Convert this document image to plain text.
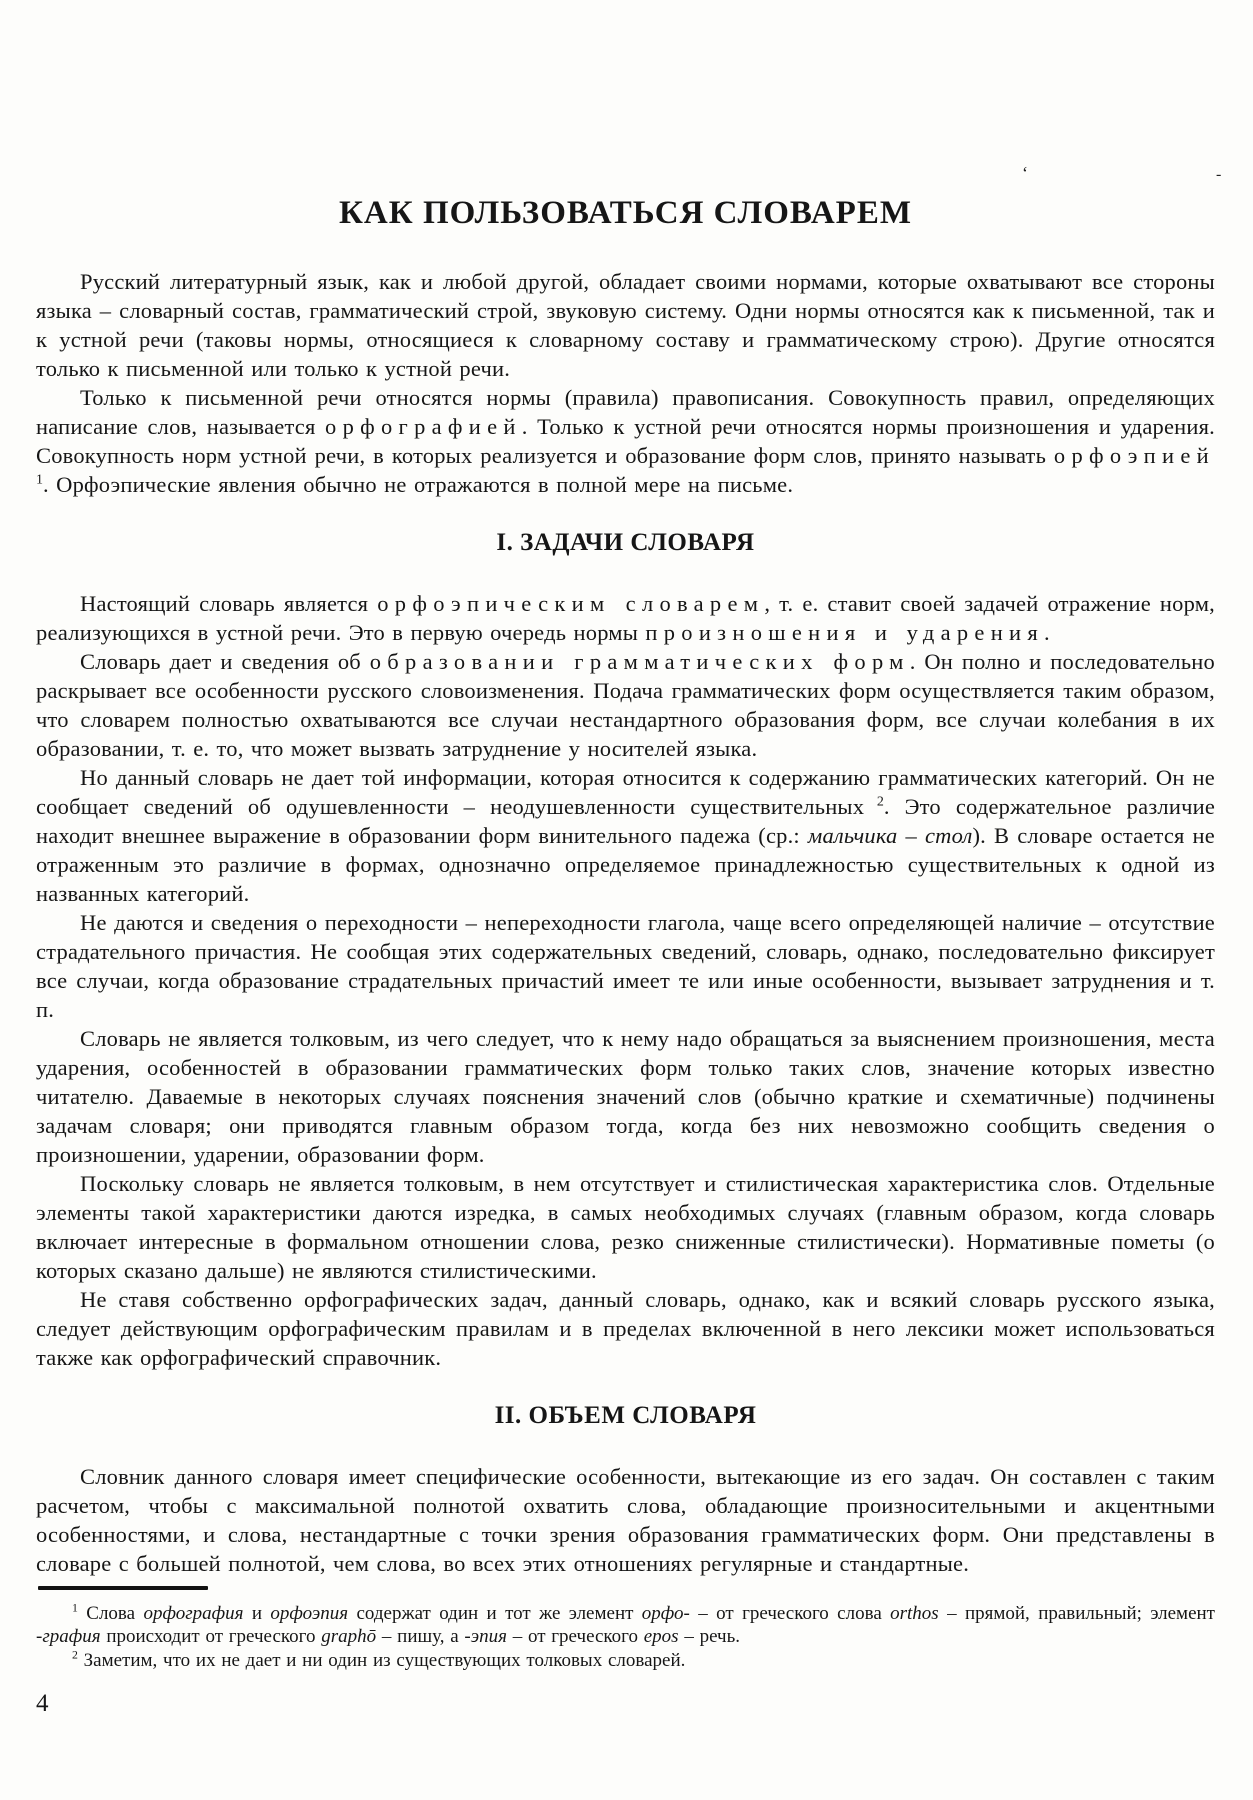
‘	-
КАК ПОЛЬЗОВАТЬСЯ СЛОВАРЕМ

Русский литературный язык, как и любой другой, обладает своими нормами, которые охватывают все стороны языка – словарный состав, грамматический строй, звуковую систему. Одни нормы относятся как к письменной, так и к устной речи (таковы нормы, относящиеся к словарному составу и грамматическому строю). Другие относятся только к письменной или только к устной речи.

Только к письменной речи относятся нормы (правила) правописания. Совокупность правил, определяющих написание слов, называется орфографией. Только к устной речи относятся нормы произношения и ударения. Совокупность норм устной речи, в которых реализуется и образование форм слов, принято называть орфоэпией $^1$. Орфоэпические явления обычно не отражаются в полной мере на письме.

I. ЗАДАЧИ СЛОВАРЯ

Настоящий словарь является орфоэпическим словарем, т. е. ставит своей задачей отражение норм, реализующихся в устной речи. Это в первую очередь нормы произношения и ударения.

Словарь дает и сведения об образовании грамматических форм. Он полно и последовательно раскрывает все особенности русского словоизменения. Подача грамматических форм осуществляется таким образом, что словарем полностью охватываются все случаи нестандартного образования форм, все случаи колебания в их образовании, т. е. то, что может вызвать затруднение у носителей языка.

Но данный словарь не дает той информации, которая относится к содержанию грамматических категорий. Он не сообщает сведений об одушевленности – неодушевленности существительных $^2$. Это содержательное различие находит внешнее выражение в образовании форм винительного падежа (ср.: мальчика – стол). В словаре остается не отраженным это различие в формах, однозначно определяемое принадлежностью существительных к одной из названных категорий.

Не даются и сведения о переходности – непереходности глагола, чаще всего определяющей наличие – отсутствие страдательного причастия. Не сообщая этих содержательных сведений, словарь, однако, последовательно фиксирует все случаи, когда образование страдательных причастий имеет те или иные особенности, вызывает затруднения и т. п.

Словарь не является толковым, из чего следует, что к нему надо обращаться за выяснением произношения, места ударения, особенностей в образовании грамматических форм только таких слов, значение которых известно читателю. Даваемые в некоторых случаях пояснения значений слов (обычно краткие и схематичные) подчинены задачам словаря; они приводятся главным образом тогда, когда без них невозможно сообщить сведения о произношении, ударении, образовании форм.

Поскольку словарь не является толковым, в нем отсутствует и стилистическая характеристика слов. Отдельные элементы такой характеристики даются изредка, в самых необходимых случаях (главным образом, когда словарь включает интересные в формальном отношении слова, резко сниженные стилистически). Нормативные пометы (о которых сказано дальше) не являются стилистическими.

Не ставя собственно орфографических задач, данный словарь, однако, как и всякий словарь русского языка, следует действующим орфографическим правилам и в пределах включенной в него лексики может использоваться также как орфографический справочник.

II. ОБЪЕМ СЛОВАРЯ

Словник данного словаря имеет специфические особенности, вытекающие из его задач. Он составлен с таким расчетом, чтобы с максимальной полнотой охватить слова, обладающие произносительными и акцентными особенностями, и слова, нестандартные с точки зрения образования грамматических форм. Они представлены в словаре с большей полнотой, чем слова, во всех этих отношениях регулярные и стандартные.

$^1$ Слова орфография и орфоэпия содержат один и тот же элемент орфо- – от греческого слова orthos – прямой, правильный; элемент -графия происходит от греческого graphō – пишу, а -эпия – от греческого epos – речь.

$^2$ Заметим, что их не дает и ни один из существующих толковых словарей.

4
